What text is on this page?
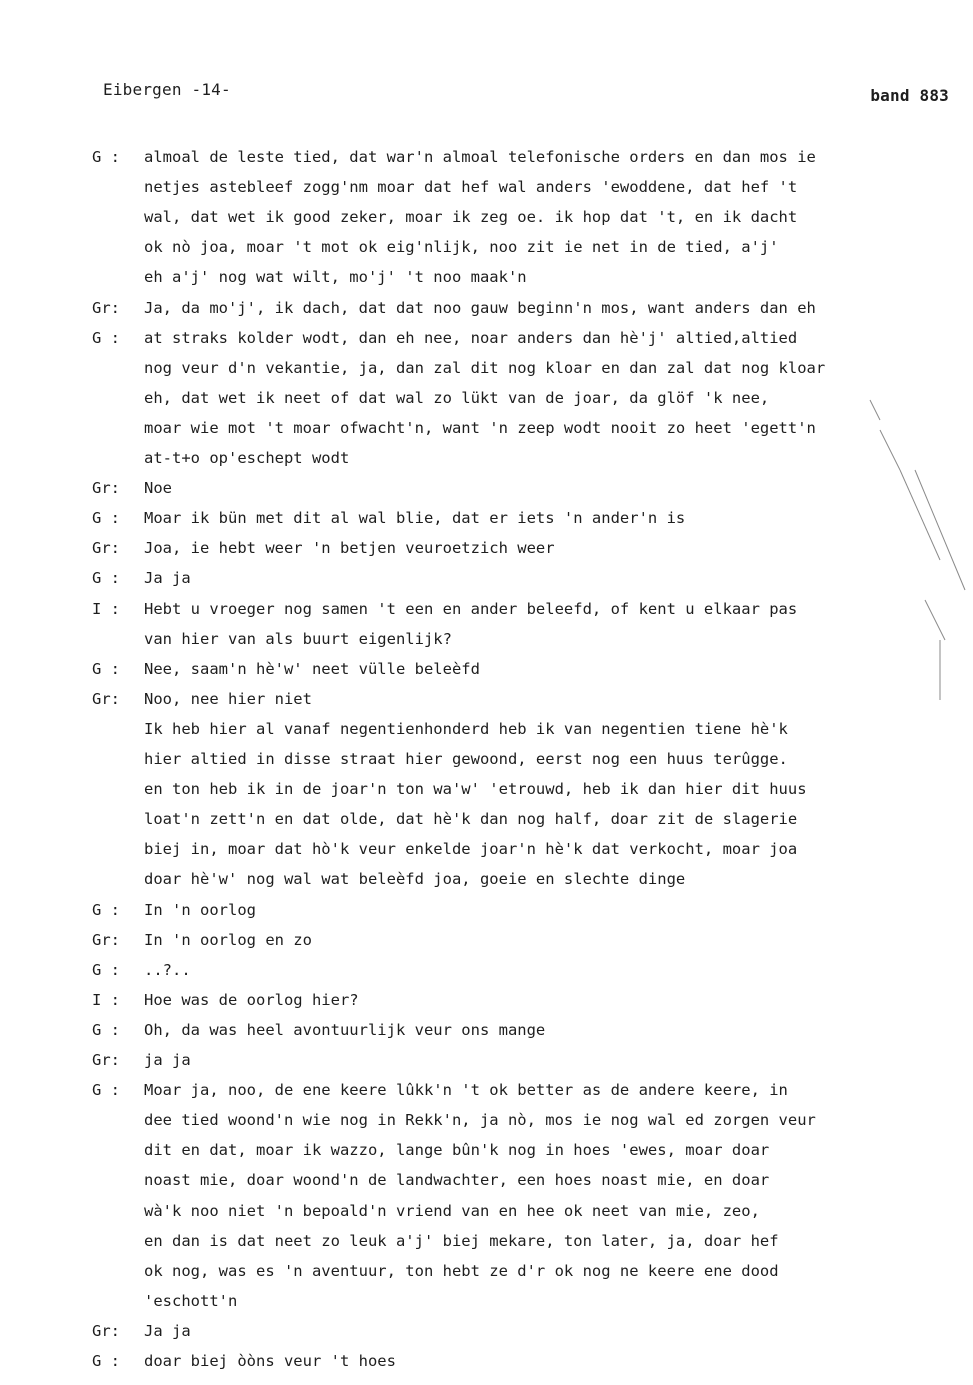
Eibergen -14-	band 883
G :	almoal de leste tied, dat war'n almoal telefonische orders en dan mos ie
netjes astebleef zogg'nm moar dat hef wal anders 'ewoddene, dat hef 't
wal, dat wet ik good zeker, moar ik zeg oe. ik hop dat 't, en ik dacht
ok nò joa, moar 't mot ok eig'nlijk, noo zit ie net in de tied, a'j'
eh a'j' nog wat wilt, mo'j' 't noo maak'n
Gr:	Ja, da mo'j', ik dach, dat dat noo gauw beginn'n mos, want anders dan eh
G :	at straks kolder wodt, dan eh nee, noar anders dan hè'j' altied,altied
nog veur d'n vekantie, ja, dan zal dit nog kloar en dan zal dat nog kloar
eh, dat wet ik neet of dat wal zo lükt van de joar, da glöf 'k nee,
moar wie mot 't moar ofwacht'n, want 'n zeep wodt nooit zo heet 'egett'n
at-t+o op'eschept wodt
Gr:	Noe
G :	Moar ik bün met dit al wal blie, dat er iets 'n ander'n is
Gr:	Joa, ie hebt weer 'n betjen veuroetzich weer
G :	Ja ja
I :	Hebt u vroeger nog samen 't een en ander beleefd, of kent u elkaar pas
van hier van als buurt eigenlijk?
G :	Nee, saam'n hè'w' neet vülle beleèfd
Gr:	Noo, nee hier niet
Ik heb hier al vanaf negentienhonderd heb ik van negentien tiene hè'k
hier altied in disse straat hier gewoond, eerst nog een huus terûgge.
en ton heb ik in de joar'n ton wa'w' 'etrouwd, heb ik dan hier dit huus
loat'n zett'n en dat olde, dat hè'k dan nog half, doar zit de slagerie
biej in, moar dat hò'k veur enkelde joar'n hè'k dat verkocht, moar joa
doar hè'w' nog wal wat beleèfd joa, goeie en slechte dinge
G :	In 'n oorlog
Gr:	In 'n oorlog en zo
G :	..?..
I :	Hoe was de oorlog hier?
G :	Oh, da was heel avontuurlijk veur ons mange
Gr:	ja ja
G :	Moar ja, noo, de ene keere lûkk'n 't ok better as de andere keere, in
dee tied woond'n wie nog in Rekk'n, ja nò, mos ie nog wal ed zorgen veur
dit en dat, moar ik wazzo, lange bûn'k nog in hoes 'ewes, moar doar
noast mie, doar woond'n de landwachter, een hoes noast mie, en doar
wà'k noo niet 'n bepoald'n vriend van en hee ok neet van mie, zeo,
en dan is dat neet zo leuk a'j' biej mekare, ton later, ja, doar hef
ok nog, was es 'n aventuur, ton hebt ze d'r ok nog ne keere ene dood
'eschott'n
Gr:	Ja ja
G :	doar biej òòns veur 't hoes
